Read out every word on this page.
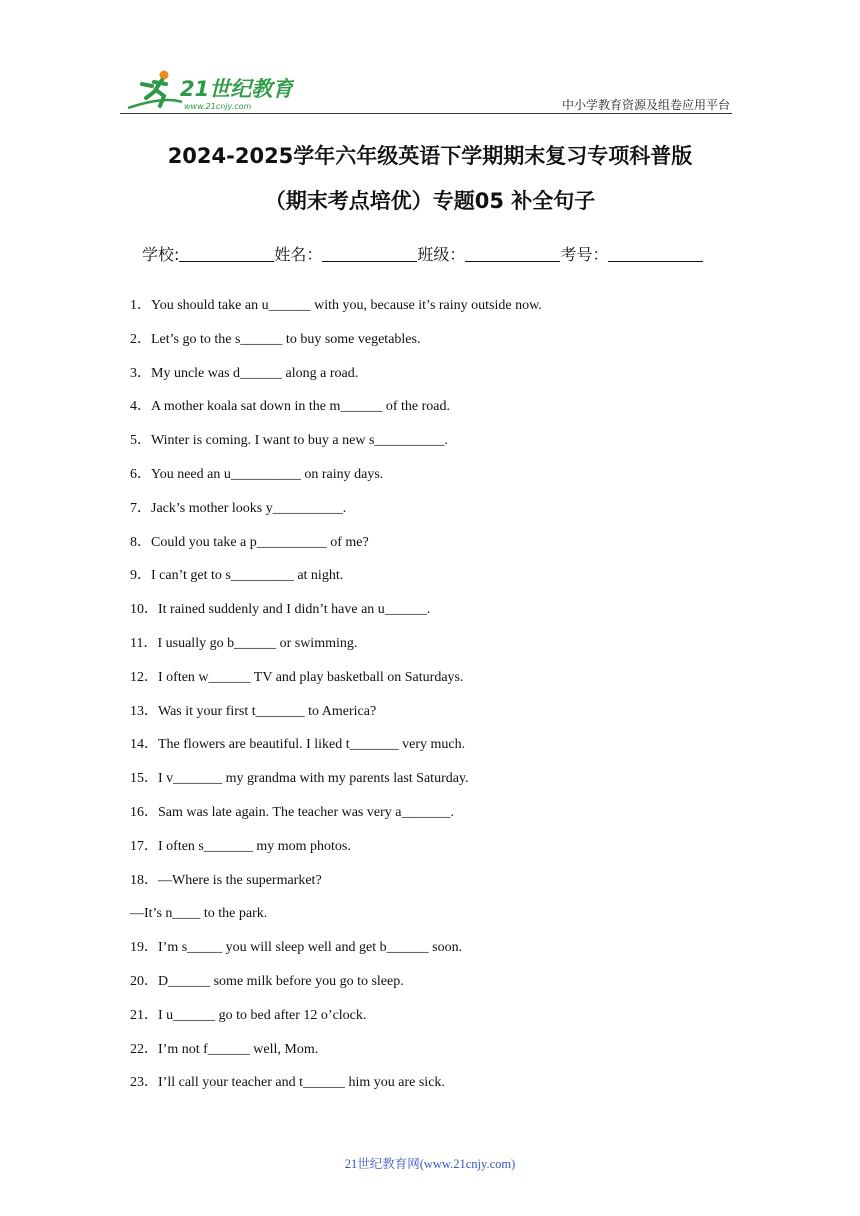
21世纪教育
www.21cnjy.com	中小学教育资源及组卷应用平台
2024-2025学年六年级英语下学期期末复习专项科普版
（期末考点培优）专题05 补全句子
学校:	姓名：	班级：	考号：
1．You should take an u______ with you, because it’s rainy outside now.
2．Let’s go to the s______ to buy some vegetables.
3．My uncle was d______ along a road.
4．A mother koala sat down in the m______ of the road.
5．Winter is coming. I want to buy a new s__________.
6．You need an u__________ on rainy days.
7．Jack’s mother looks y__________.
8．Could you take a p__________ of me?
9．I can’t get to s_________ at night.
10．It rained suddenly and I didn’t have an u______.
11．I usually go b______ or swimming.
12．I often w______ TV and play basketball on Saturdays.
13．Was it your first t_______ to America?
14．The flowers are beautiful. I liked t_______ very much.
15．I v_______ my grandma with my parents last Saturday.
16．Sam was late again. The teacher was very a_______.
17．I often s_______ my mom photos.
18．—Where is the supermarket?
—It’s n____ to the park.
19．I’m s_____ you will sleep well and get b______ soon.
20．D______ some milk before you go to sleep.
21．I u______ go to bed after 12 o’clock.
22．I’m not f______ well, Mom.
23．I’ll call your teacher and t______ him you are sick.
21世纪教育网(www.21cnjy.com)
